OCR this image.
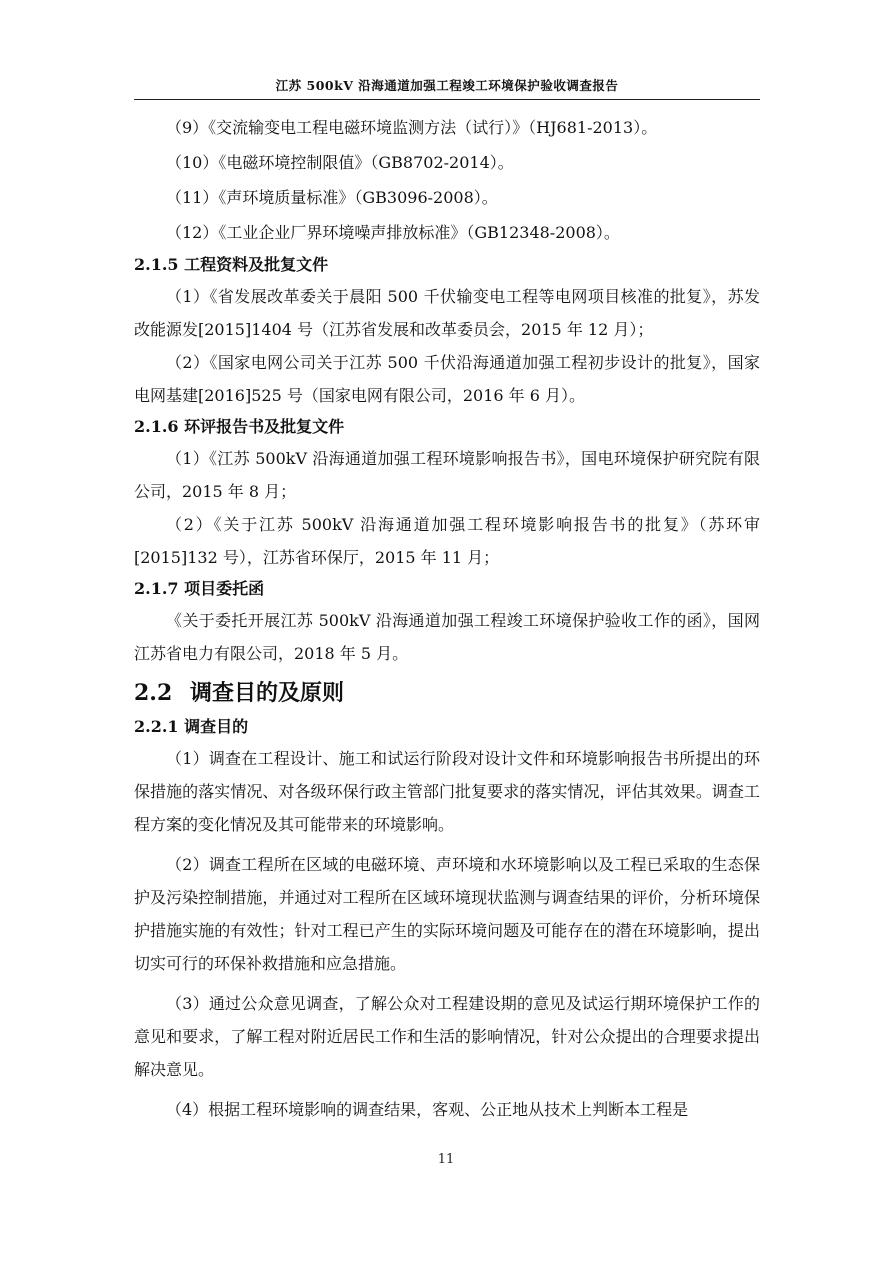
江苏 500kV 沿海通道加强工程竣工环境保护验收调查报告

（9）《交流输变电工程电磁环境监测方法（试行）》（HJ681-2013）。

（10）《电磁环境控制限值》（GB8702-2014）。

（11）《声环境质量标准》（GB3096-2008）。

（12）《工业企业厂界环境噪声排放标准》（GB12348-2008）。

2.1.5 工程资料及批复文件

（1）《省发展改革委关于晨阳 500 千伏输变电工程等电网项目核准的批复》，苏发改能源发[2015]1404 号（江苏省发展和改革委员会，2015 年 12 月）；

（2）《国家电网公司关于江苏 500 千伏沿海通道加强工程初步设计的批复》，国家电网基建[2016]525 号（国家电网有限公司，2016 年 6 月）。

2.1.6 环评报告书及批复文件

（1）《江苏 500kV 沿海通道加强工程环境影响报告书》，国电环境保护研究院有限公司，2015 年 8 月；

（2）《关于江苏 500kV 沿海通道加强工程环境影响报告书的批复》（苏环审[2015]132 号），江苏省环保厅，2015 年 11 月；

2.1.7 项目委托函

《关于委托开展江苏 500kV 沿海通道加强工程竣工环境保护验收工作的函》，国网江苏省电力有限公司，2018 年 5 月。

2.2 调查目的及原则
2.2.1 调查目的

（1）调查在工程设计、施工和试运行阶段对设计文件和环境影响报告书所提出的环保措施的落实情况、对各级环保行政主管部门批复要求的落实情况，评估其效果。调查工程方案的变化情况及其可能带来的环境影响。

（2）调查工程所在区域的电磁环境、声环境和水环境影响以及工程已采取的生态保护及污染控制措施，并通过对工程所在区域环境现状监测与调查结果的评价，分析环境保护措施实施的有效性；针对工程已产生的实际环境问题及可能存在的潜在环境影响，提出切实可行的环保补救措施和应急措施。

（3）通过公众意见调查，了解公众对工程建设期的意见及试运行期环境保护工作的意见和要求，了解工程对附近居民工作和生活的影响情况，针对公众提出的合理要求提出解决意见。

（4）根据工程环境影响的调查结果，客观、公正地从技术上判断本工程是

11
